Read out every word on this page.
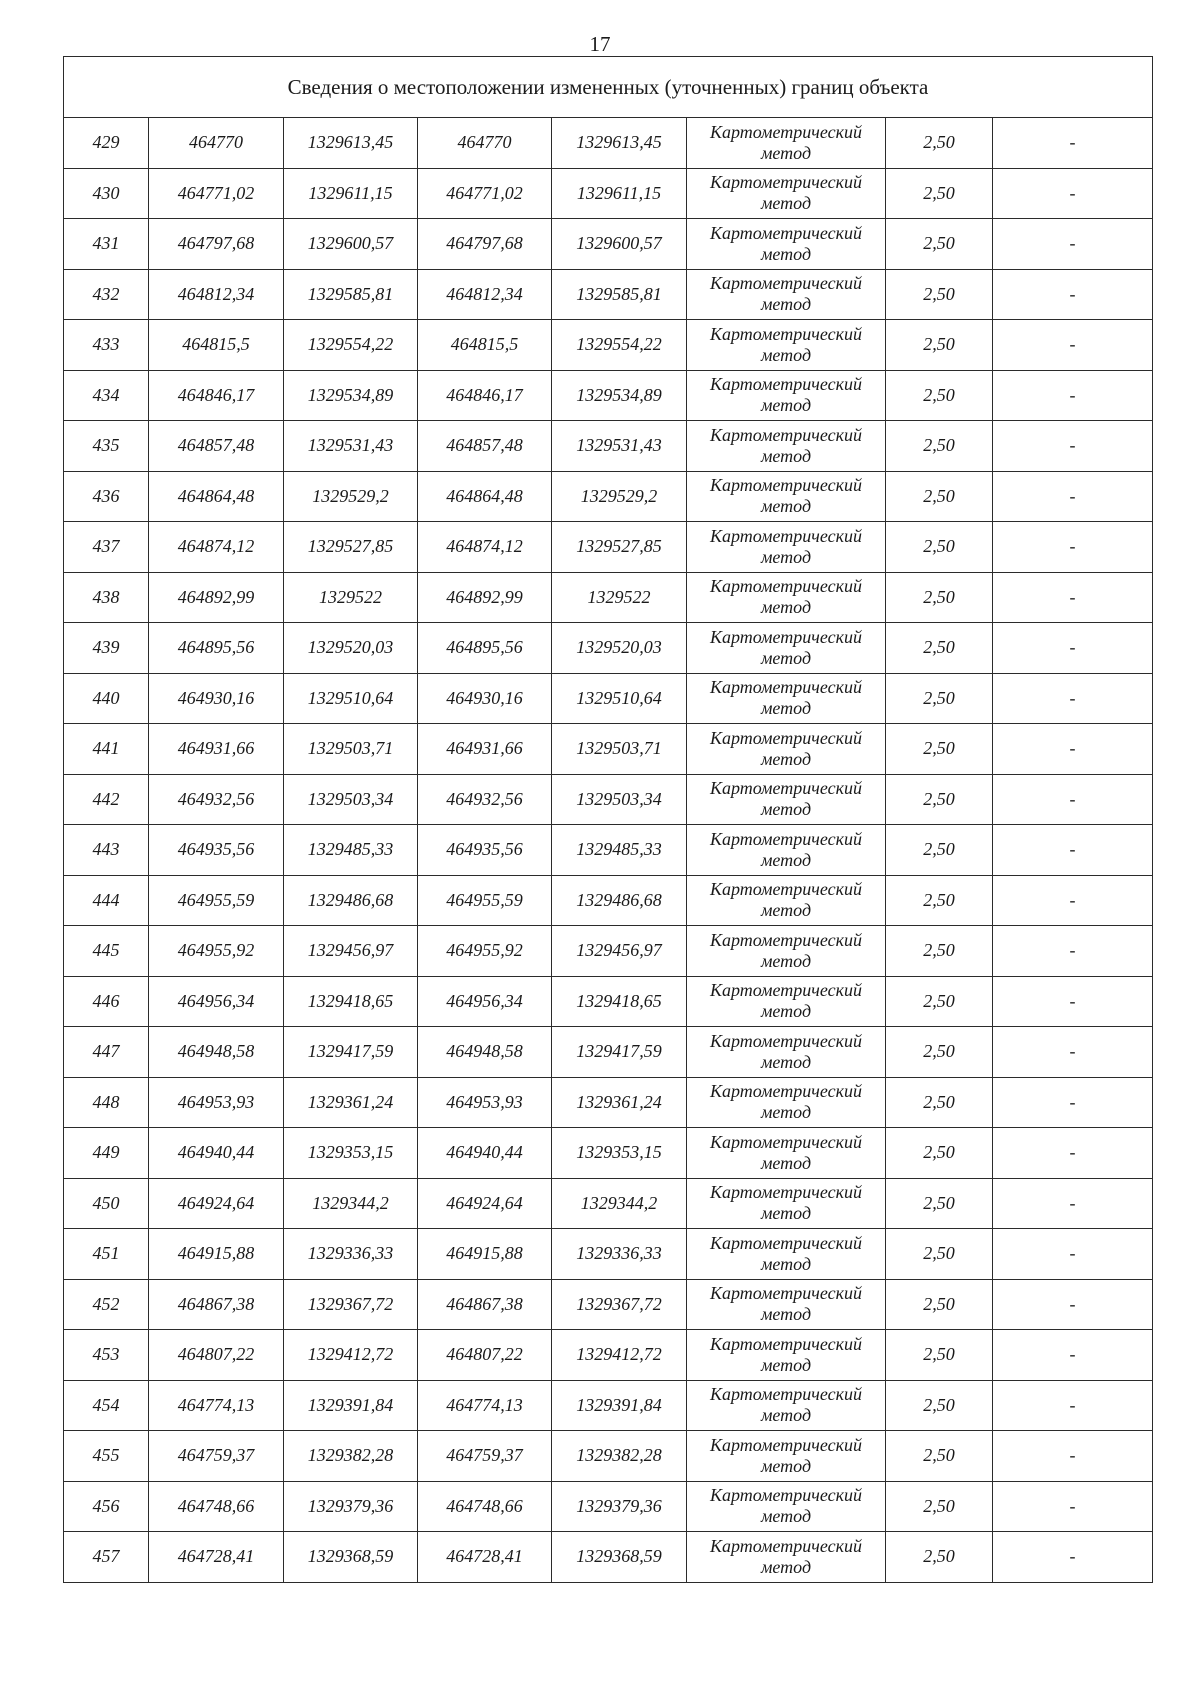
17
Сведения о местоположении измененных (уточненных) границ объекта							
429	464770	1329613,45	464770	1329613,45	Картометрический метод	2,50	-
430	464771,02	1329611,15	464771,02	1329611,15	Картометрический метод	2,50	-
431	464797,68	1329600,57	464797,68	1329600,57	Картометрический метод	2,50	-
432	464812,34	1329585,81	464812,34	1329585,81	Картометрический метод	2,50	-
433	464815,5	1329554,22	464815,5	1329554,22	Картометрический метод	2,50	-
434	464846,17	1329534,89	464846,17	1329534,89	Картометрический метод	2,50	-
435	464857,48	1329531,43	464857,48	1329531,43	Картометрический метод	2,50	-
436	464864,48	1329529,2	464864,48	1329529,2	Картометрический метод	2,50	-
437	464874,12	1329527,85	464874,12	1329527,85	Картометрический метод	2,50	-
438	464892,99	1329522	464892,99	1329522	Картометрический метод	2,50	-
439	464895,56	1329520,03	464895,56	1329520,03	Картометрический метод	2,50	-
440	464930,16	1329510,64	464930,16	1329510,64	Картометрический метод	2,50	-
441	464931,66	1329503,71	464931,66	1329503,71	Картометрический метод	2,50	-
442	464932,56	1329503,34	464932,56	1329503,34	Картометрический метод	2,50	-
443	464935,56	1329485,33	464935,56	1329485,33	Картометрический метод	2,50	-
444	464955,59	1329486,68	464955,59	1329486,68	Картометрический метод	2,50	-
445	464955,92	1329456,97	464955,92	1329456,97	Картометрический метод	2,50	-
446	464956,34	1329418,65	464956,34	1329418,65	Картометрический метод	2,50	-
447	464948,58	1329417,59	464948,58	1329417,59	Картометрический метод	2,50	-
448	464953,93	1329361,24	464953,93	1329361,24	Картометрический метод	2,50	-
449	464940,44	1329353,15	464940,44	1329353,15	Картометрический метод	2,50	-
450	464924,64	1329344,2	464924,64	1329344,2	Картометрический метод	2,50	-
451	464915,88	1329336,33	464915,88	1329336,33	Картометрический метод	2,50	-
452	464867,38	1329367,72	464867,38	1329367,72	Картометрический метод	2,50	-
453	464807,22	1329412,72	464807,22	1329412,72	Картометрический метод	2,50	-
454	464774,13	1329391,84	464774,13	1329391,84	Картометрический метод	2,50	-
455	464759,37	1329382,28	464759,37	1329382,28	Картометрический метод	2,50	-
456	464748,66	1329379,36	464748,66	1329379,36	Картометрический метод	2,50	-
457	464728,41	1329368,59	464728,41	1329368,59	Картометрический метод	2,50	-
